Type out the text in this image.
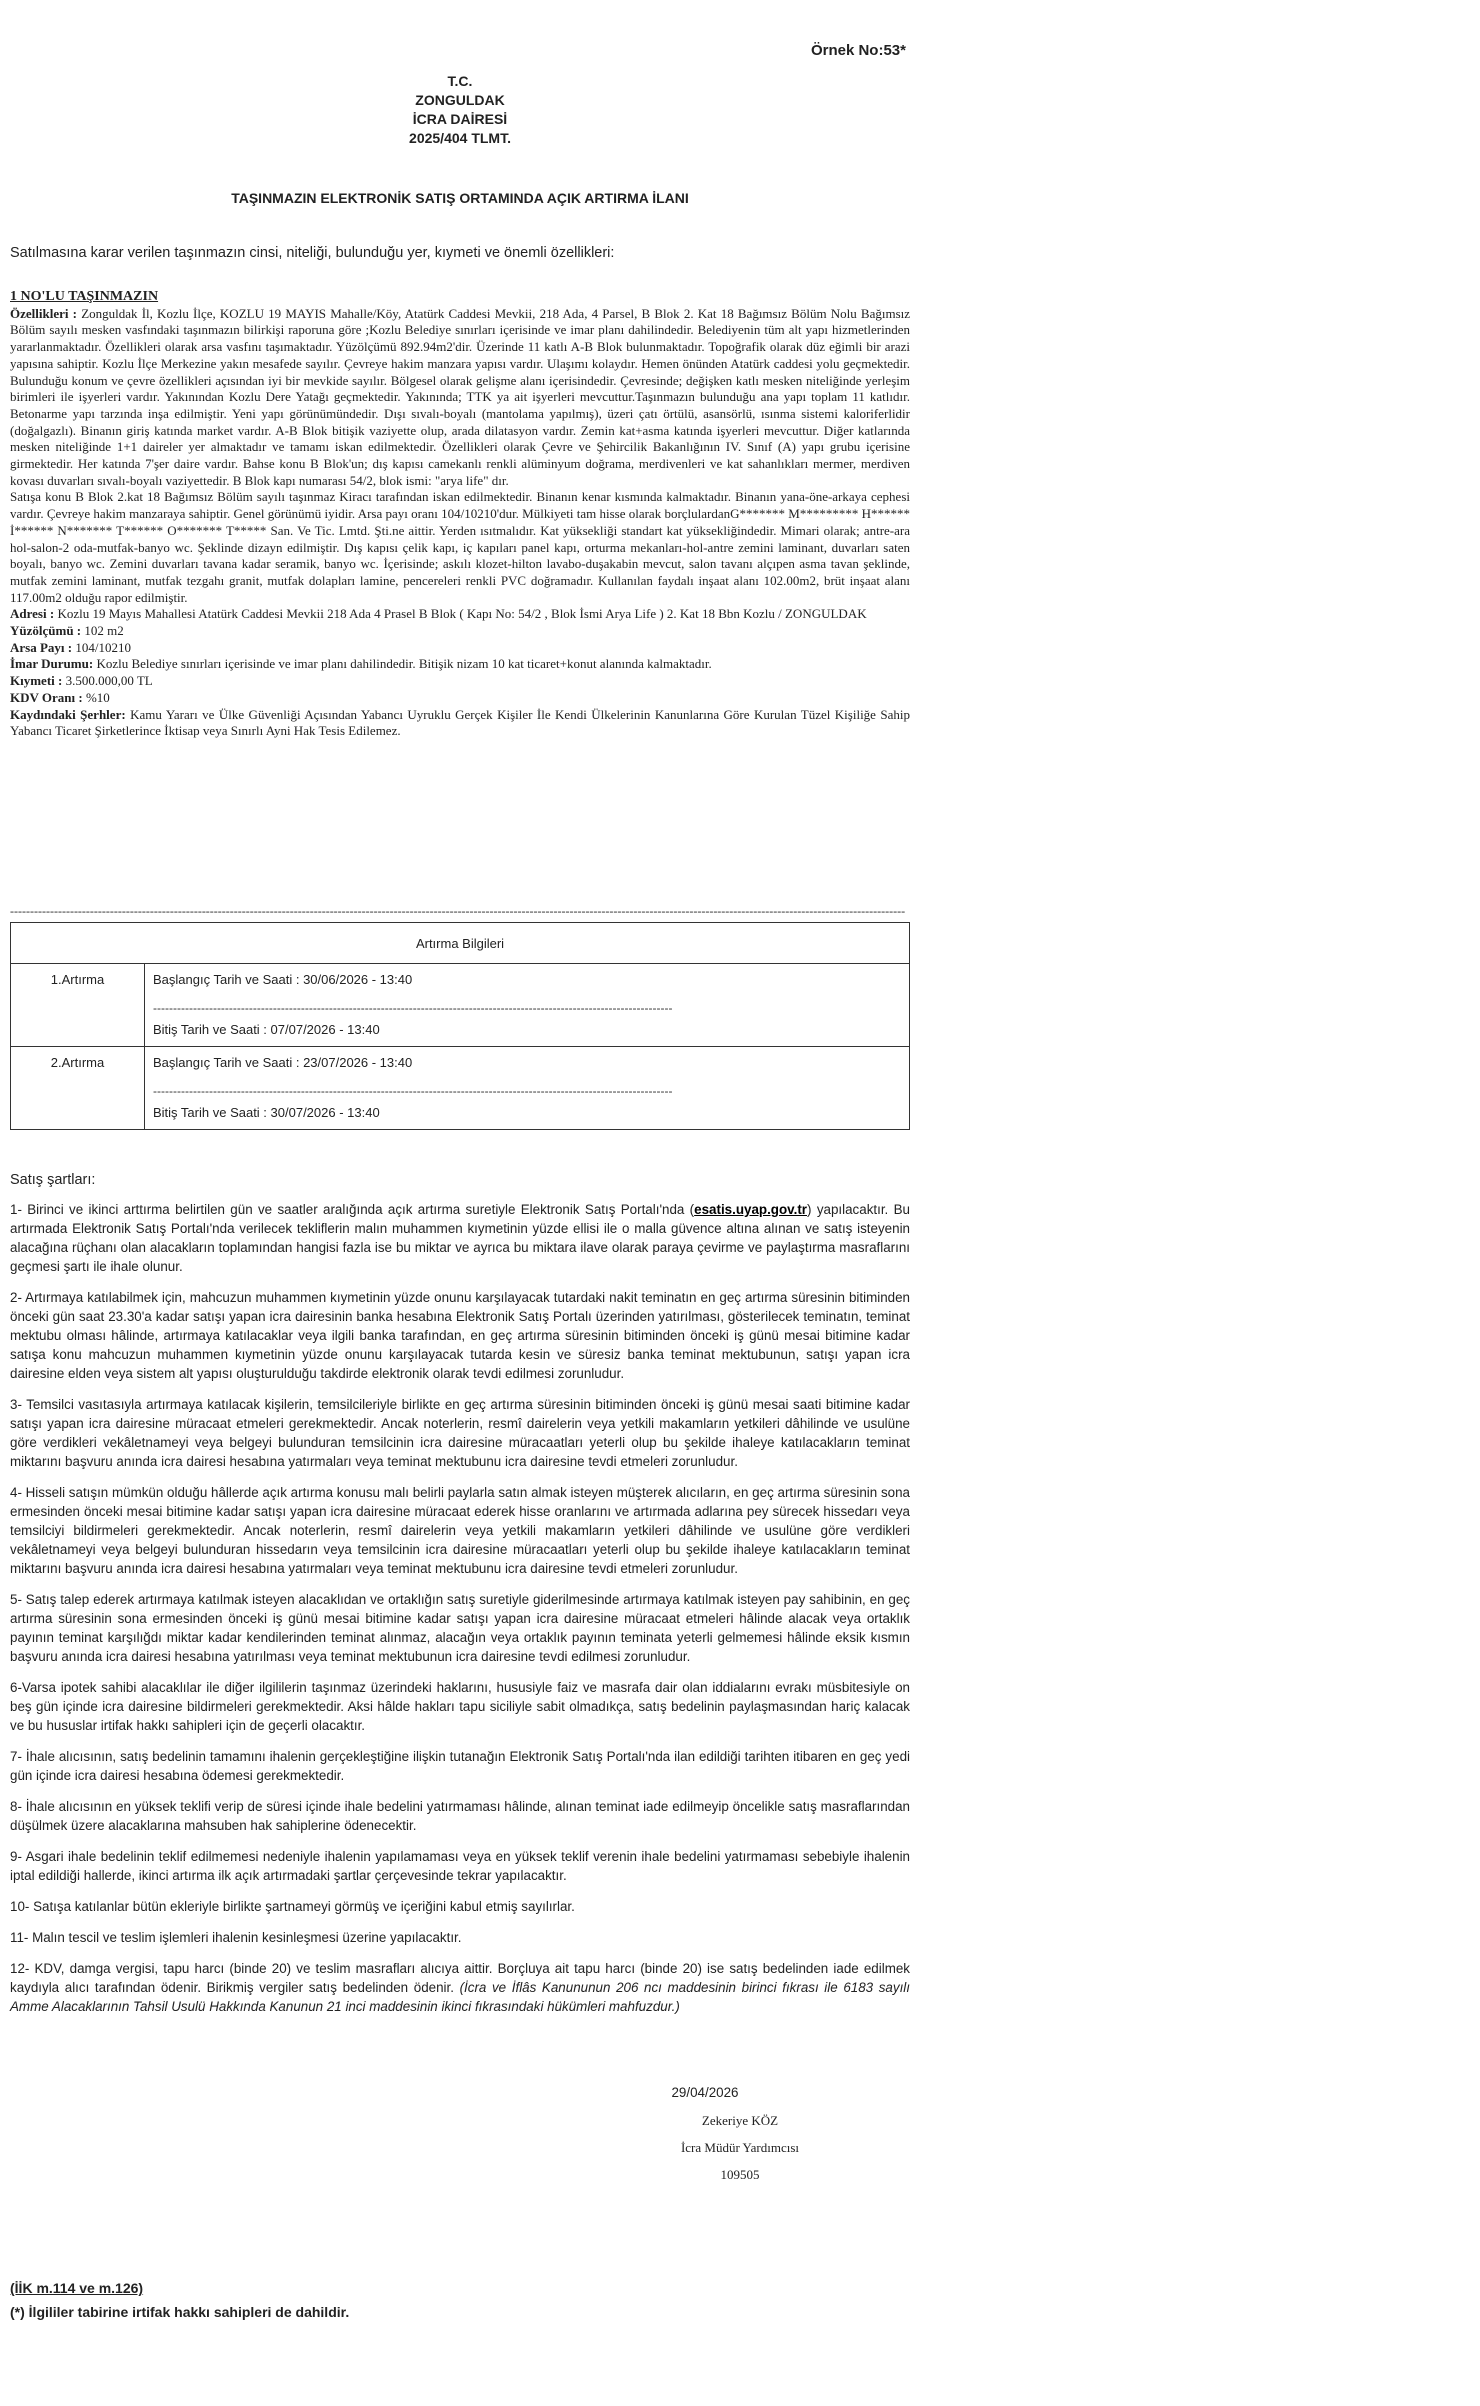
Örnek No:53*
T.C.
ZONGULDAK
İCRA DAİRESİ
2025/404 TLMT.
TAŞINMAZIN ELEKTRONİK SATIŞ ORTAMINDA AÇIK ARTIRMA İLANI
Satılmasına karar verilen taşınmazın cinsi, niteliği, bulunduğu yer, kıymeti ve önemli özellikleri:
1 NO'LU TAŞINMAZIN

Özellikleri : Zonguldak İl, Kozlu İlçe, KOZLU 19 MAYIS Mahalle/Köy, Atatürk Caddesi Mevkii, 218 Ada, 4 Parsel, B Blok 2. Kat 18 Bağımsız Bölüm Nolu Bağımsız Bölüm sayılı mesken vasfındaki taşınmazın bilirkişi raporuna göre ;Kozlu Belediye sınırları içerisinde ve imar planı dahilindedir. Belediyenin tüm alt yapı hizmetlerinden yararlanmaktadır. Özellikleri olarak arsa vasfını taşımaktadır. Yüzölçümü 892.94m2'dir. Üzerinde 11 katlı A-B Blok bulunmaktadır. Topoğrafik olarak düz eğimli bir arazi yapısına sahiptir. Kozlu İlçe Merkezine yakın mesafede sayılır. Çevreye hakim manzara yapısı vardır. Ulaşımı kolaydır. Hemen önünden Atatürk caddesi yolu geçmektedir. Bulunduğu konum ve çevre özellikleri açısından iyi bir mevkide sayılır. Bölgesel olarak gelişme alanı içerisindedir. Çevresinde; değişken katlı mesken niteliğinde yerleşim birimleri ile işyerleri vardır. Yakınından Kozlu Dere Yatağı geçmektedir. Yakınında; TTK ya ait işyerleri mevcuttur.Taşınmazın bulunduğu ana yapı toplam 11 katlıdır. Betonarme yapı tarzında inşa edilmiştir. Yeni yapı görünümündedir. Dışı sıvalı-boyalı (mantolama yapılmış), üzeri çatı örtülü, asansörlü, ısınma sistemi kaloriferlidir (doğalgazlı). Binanın giriş katında market vardır. A-B Blok bitişik vaziyette olup, arada dilatasyon vardır. Zemin kat+asma katında işyerleri mevcuttur. Diğer katlarında mesken niteliğinde 1+1 daireler yer almaktadır ve tamamı iskan edilmektedir. Özellikleri olarak Çevre ve Şehircilik Bakanlığının IV. Sınıf (A) yapı grubu içerisine girmektedir. Her katında 7'şer daire vardır. Bahse konu B Blok'un; dış kapısı camekanlı renkli alüminyum doğrama, merdivenleri ve kat sahanlıkları mermer, merdiven kovası duvarları sıvalı-boyalı vaziyettedir. B Blok kapı numarası 54/2, blok ismi: "arya life" dır.

Satışa konu B Blok 2.kat 18 Bağımsız Bölüm sayılı taşınmaz Kiracı tarafından iskan edilmektedir. Binanın kenar kısmında kalmaktadır. Binanın yana-öne-arkaya cephesi vardır. Çevreye hakim manzaraya sahiptir. Genel görünümü iyidir. Arsa payı oranı 104/10210'dur. Mülkiyeti tam hisse olarak borçlulardanG******* M********* H****** İ****** N******* T****** O******* T***** San. Ve Tic. Lmtd. Şti.ne aittir. Yerden ısıtmalıdır. Kat yüksekliği standart kat yüksekliğindedir. Mimari olarak; antre-ara hol-salon-2 oda-mutfak-banyo wc. Şeklinde dizayn edilmiştir. Dış kapısı çelik kapı, iç kapıları panel kapı, orturma mekanları-hol-antre zemini laminant, duvarları saten boyalı, banyo wc. Zemini duvarları tavana kadar seramik, banyo wc. İçerisinde; askılı klozet-hilton lavabo-duşakabin mevcut, salon tavanı alçıpen asma tavan şeklinde, mutfak zemini laminant, mutfak tezgahı granit, mutfak dolapları lamine, pencereleri renkli PVC doğramadır. Kullanılan faydalı inşaat alanı 102.00m2, brüt inşaat alanı 117.00m2 olduğu rapor edilmiştir.

Adresi : Kozlu 19 Mayıs Mahallesi Atatürk Caddesi Mevkii 218 Ada 4 Prasel B Blok ( Kapı No: 54/2 , Blok İsmi Arya Life ) 2. Kat 18 Bbn Kozlu / ZONGULDAK

Yüzölçümü : 102 m2

Arsa Payı : 104/10210

İmar Durumu: Kozlu Belediye sınırları içerisinde ve imar planı dahilindedir. Bitişik nizam 10 kat ticaret+konut alanında kalmaktadır.

Kıymeti : 3.500.000,00 TL

KDV Oranı : %10

Kaydındaki Şerhler: Kamu Yararı ve Ülke Güvenliği Açısından Yabancı Uyruklu Gerçek Kişiler İle Kendi Ülkelerinin Kanunlarına Göre Kurulan Tüzel Kişiliğe Sahip Yabancı Ticaret Şirketlerince İktisap veya Sınırlı Ayni Hak Tesis Edilemez.

--------------------------------------------------------------------------------------------------------------------------------------------------------------------------------------------------------------------------------
Artırma Bilgileri	
1.Artırma	Başlangıç Tarih ve Saati : 30/06/2026 - 13:40
----------------------------------------------------------------------------------------------------------------------------------
Bitiş Tarih ve Saati : 07/07/2026 - 13:40

2.Artırma	Başlangıç Tarih ve Saati : 23/07/2026 - 13:40
----------------------------------------------------------------------------------------------------------------------------------
Bitiş Tarih ve Saati : 30/07/2026 - 13:40
Satış şartları:

1- Birinci ve ikinci arttırma belirtilen gün ve saatler aralığında açık artırma suretiyle Elektronik Satış Portalı'nda (esatis.uyap.gov.tr) yapılacaktır. Bu artırmada Elektronik Satış Portalı'nda verilecek tekliflerin malın muhammen kıymetinin yüzde ellisi ile o malla güvence altına alınan ve satış isteyenin alacağına rüçhanı olan alacakların toplamından hangisi fazla ise bu miktar ve ayrıca bu miktara ilave olarak paraya çevirme ve paylaştırma masraflarını geçmesi şartı ile ihale olunur.

2- Artırmaya katılabilmek için, mahcuzun muhammen kıymetinin yüzde onunu karşılayacak tutardaki nakit teminatın en geç artırma süresinin bitiminden önceki gün saat 23.30'a kadar satışı yapan icra dairesinin banka hesabına Elektronik Satış Portalı üzerinden yatırılması, gösterilecek teminatın, teminat mektubu olması hâlinde, artırmaya katılacaklar veya ilgili banka tarafından, en geç artırma süresinin bitiminden önceki iş günü mesai bitimine kadar satışa konu mahcuzun muhammen kıymetinin yüzde onunu karşılayacak tutarda kesin ve süresiz banka teminat mektubunun, satışı yapan icra dairesine elden veya sistem alt yapısı oluşturulduğu takdirde elektronik olarak tevdi edilmesi zorunludur.

3- Temsilci vasıtasıyla artırmaya katılacak kişilerin, temsilcileriyle birlikte en geç artırma süresinin bitiminden önceki iş günü mesai saati bitimine kadar satışı yapan icra dairesine müracaat etmeleri gerekmektedir. Ancak noterlerin, resmî dairelerin veya yetkili makamların yetkileri dâhilinde ve usulüne göre verdikleri vekâletnameyi veya belgeyi bulunduran temsilcinin icra dairesine müracaatları yeterli olup bu şekilde ihaleye katılacakların teminat miktarını başvuru anında icra dairesi hesabına yatırmaları veya teminat mektubunu icra dairesine tevdi etmeleri zorunludur.

4- Hisseli satışın mümkün olduğu hâllerde açık artırma konusu malı belirli paylarla satın almak isteyen müşterek alıcıların, en geç artırma süresinin sona ermesinden önceki mesai bitimine kadar satışı yapan icra dairesine müracaat ederek hisse oranlarını ve artırmada adlarına pey sürecek hissedarı veya temsilciyi bildirmeleri gerekmektedir. Ancak noterlerin, resmî dairelerin veya yetkili makamların yetkileri dâhilinde ve usulüne göre verdikleri vekâletnameyi veya belgeyi bulunduran hissedarın veya temsilcinin icra dairesine müracaatları yeterli olup bu şekilde ihaleye katılacakların teminat miktarını başvuru anında icra dairesi hesabına yatırmaları veya teminat mektubunu icra dairesine tevdi etmeleri zorunludur.

5- Satış talep ederek artırmaya katılmak isteyen alacaklıdan ve ortaklığın satış suretiyle giderilmesinde artırmaya katılmak isteyen pay sahibinin, en geç artırma süresinin sona ermesinden önceki iş günü mesai bitimine kadar satışı yapan icra dairesine müracaat etmeleri hâlinde alacak veya ortaklık payının teminat karşılığdı miktar kadar kendilerinden teminat alınmaz, alacağın veya ortaklık payının teminata yeterli gelmemesi hâlinde eksik kısmın başvuru anında icra dairesi hesabına yatırılması veya teminat mektubunun icra dairesine tevdi edilmesi zorunludur.

6-Varsa ipotek sahibi alacaklılar ile diğer ilgililerin taşınmaz üzerindeki haklarını, hususiyle faiz ve masrafa dair olan iddialarını evrakı müsbitesiyle on beş gün içinde icra dairesine bildirmeleri gerekmektedir. Aksi hâlde hakları tapu siciliyle sabit olmadıkça, satış bedelinin paylaşmasından hariç kalacak ve bu hususlar irtifak hakkı sahipleri için de geçerli olacaktır.

7- İhale alıcısının, satış bedelinin tamamını ihalenin gerçekleştiğine ilişkin tutanağın Elektronik Satış Portalı'nda ilan edildiği tarihten itibaren en geç yedi gün içinde icra dairesi hesabına ödemesi gerekmektedir.

8- İhale alıcısının en yüksek teklifi verip de süresi içinde ihale bedelini yatırmaması hâlinde, alınan teminat iade edilmeyip öncelikle satış masraflarından düşülmek üzere alacaklarına mahsuben hak sahiplerine ödenecektir.

9- Asgari ihale bedelinin teklif edilmemesi nedeniyle ihalenin yapılamaması veya en yüksek teklif verenin ihale bedelini yatırmaması sebebiyle ihalenin iptal edildiği hallerde, ikinci artırma ilk açık artırmadaki şartlar çerçevesinde tekrar yapılacaktır.

10- Satışa katılanlar bütün ekleriyle birlikte şartnameyi görmüş ve içeriğini kabul etmiş sayılırlar.

11- Malın tescil ve teslim işlemleri ihalenin kesinleşmesi üzerine yapılacaktır.

12- KDV, damga vergisi, tapu harcı (binde 20) ve teslim masrafları alıcıya aittir. Borçluya ait tapu harcı (binde 20) ise satış bedelinden iade edilmek kaydıyla alıcı tarafından ödenir. Birikmiş vergiler satış bedelinden ödenir. (İcra ve İflâs Kanununun 206 ncı maddesinin birinci fıkrası ile 6183 sayılı Amme Alacaklarının Tahsil Usulü Hakkında Kanunun 21 inci maddesinin ikinci fıkrasındaki hükümleri mahfuzdur.)

29/04/2026
Zekeriye KÖZ
İcra Müdür Yardımcısı
109505
(İİK m.114 ve m.126)
(*) İlgililer tabirine irtifak hakkı sahipleri de dahildir.
